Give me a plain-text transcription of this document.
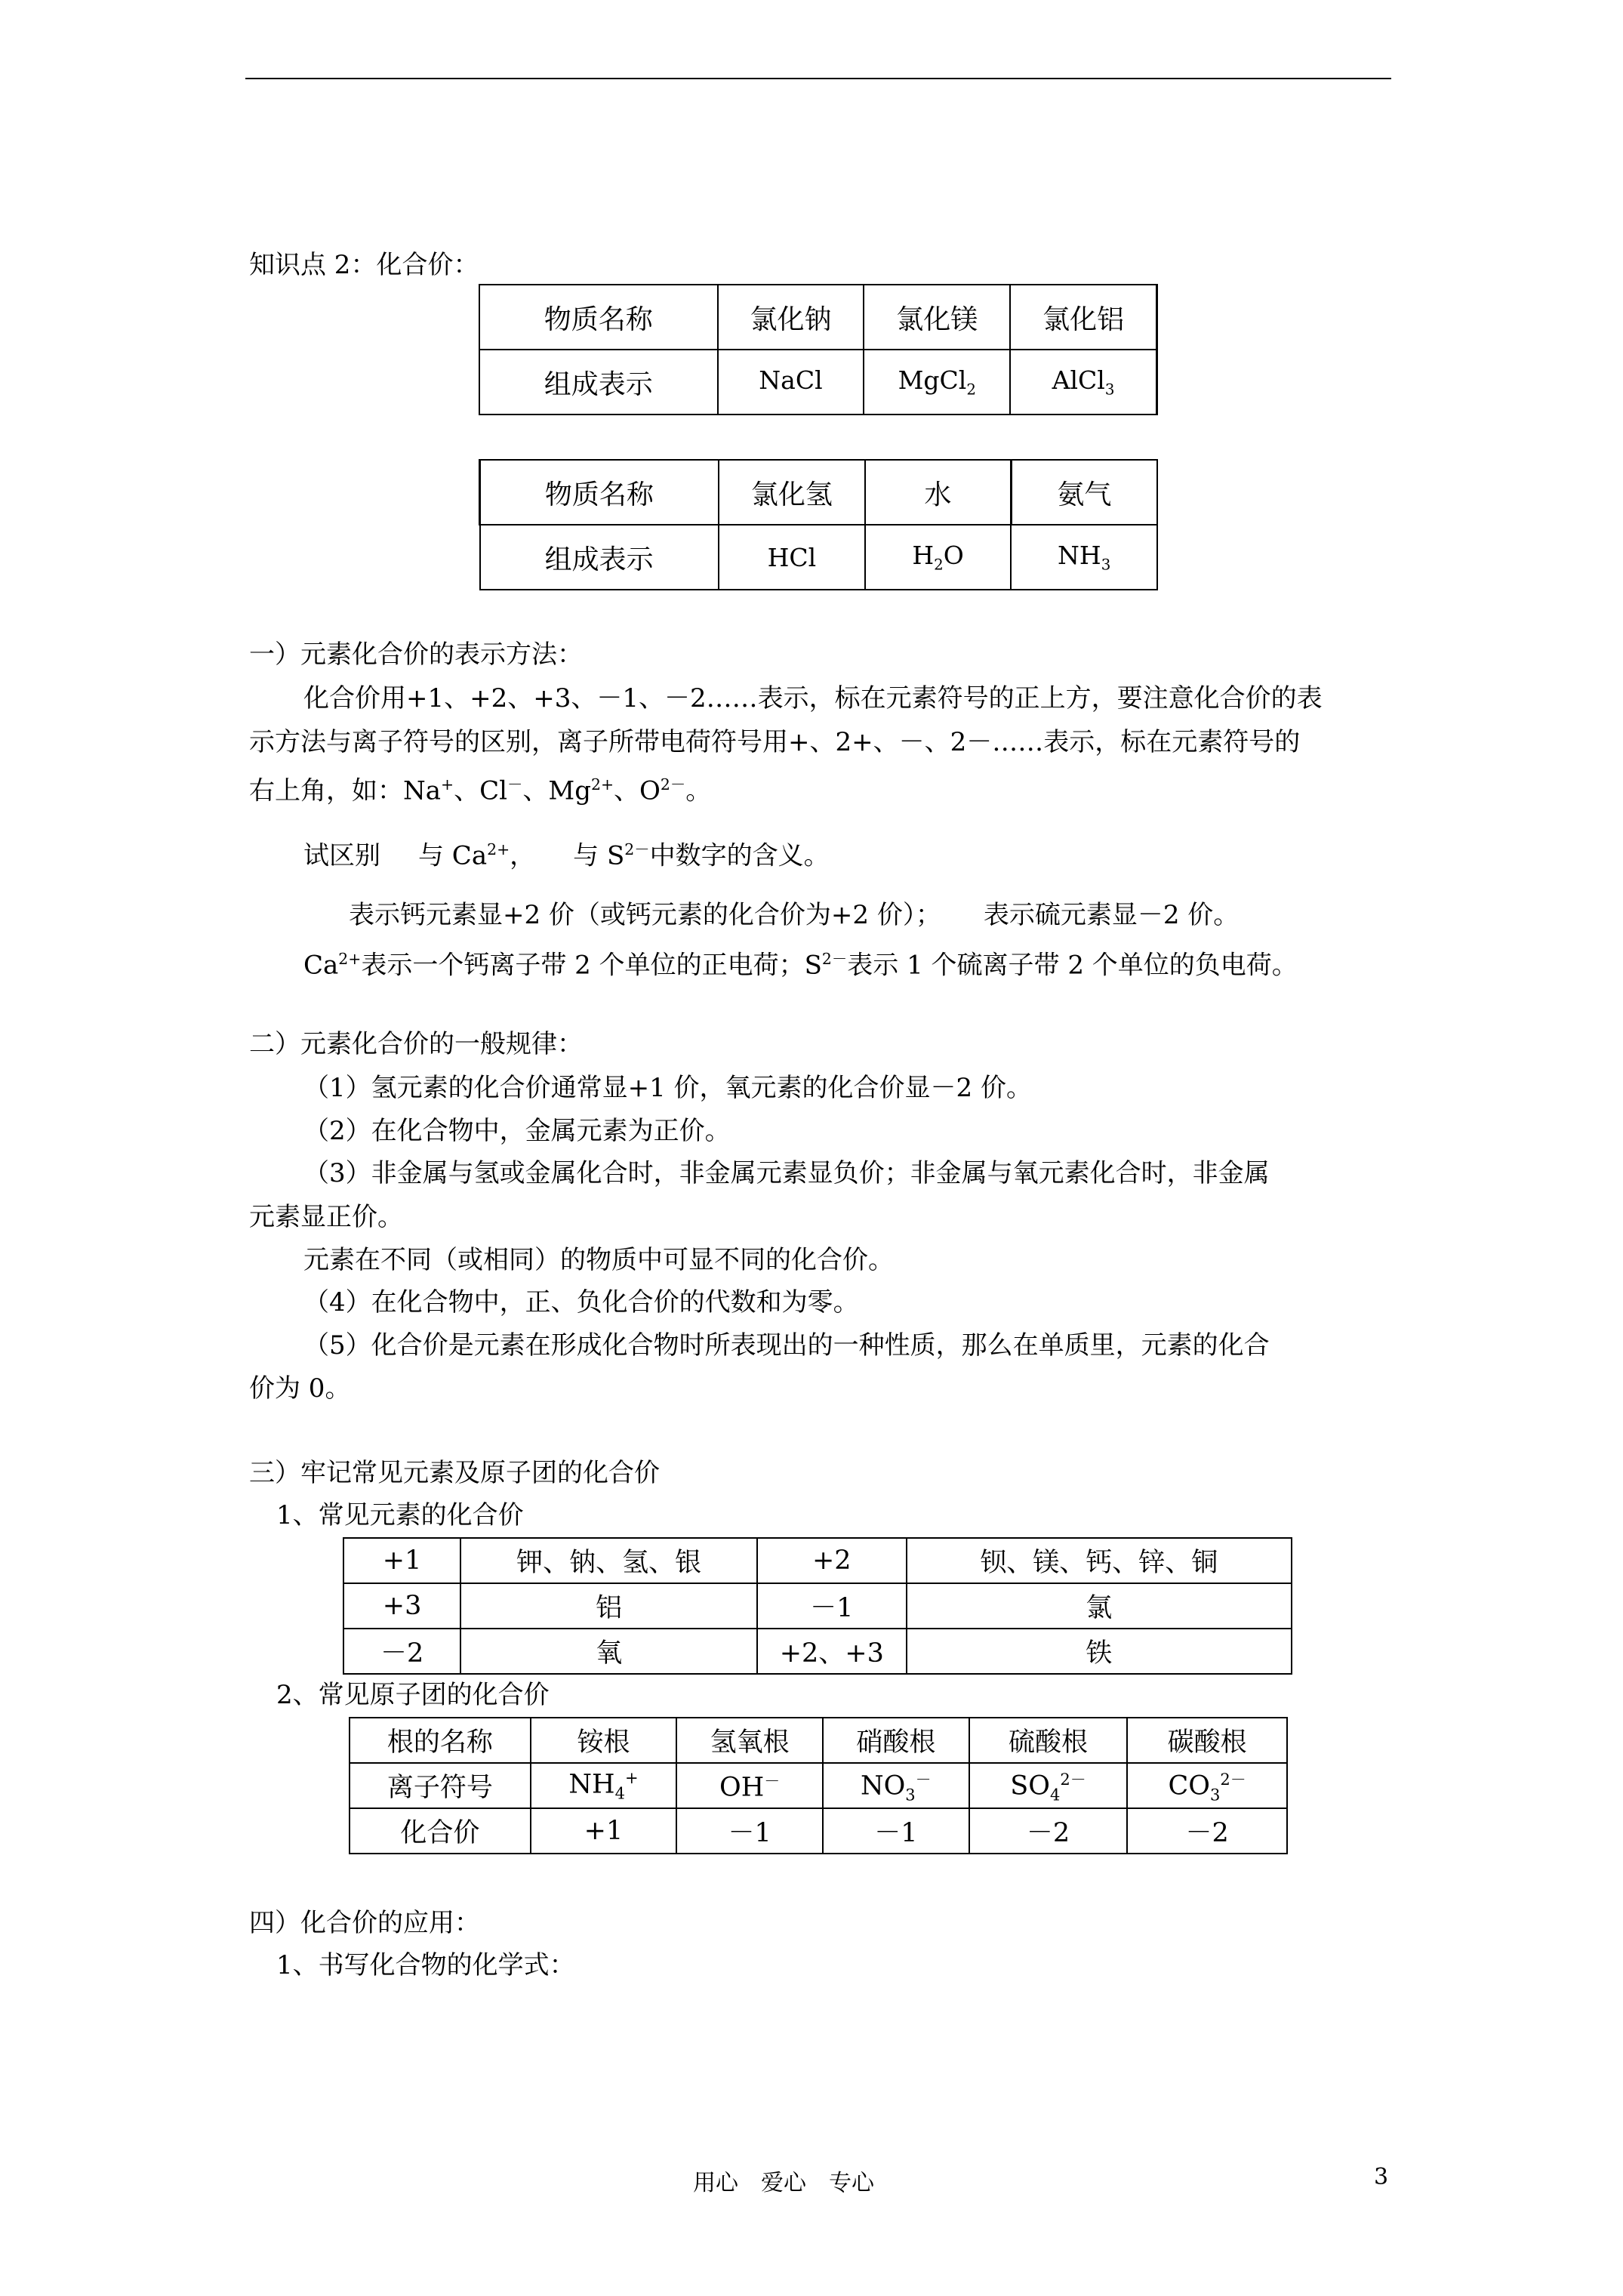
知识点 2：化合价：
物质名称	氯化钠	氯化镁	氯化铝
组成表示	NaCl	MgCl$_2$	AlCl$_3$
物质名称	氯化氢	水	氨气
组成表示	HCl	$H_2O$	$NH_3$
一）元素化合价的表示方法：
化合价用+1、+2、+3、－1、－2……表示，标在元素符号的正上方，要注意化合价的表
示方法与离子符号的区别，离子所带电荷符号用+、2+、－、2－……表示，标在元素符号的
右上角，如：Na+、Cl－、$Mg^{2+}$、$O^{2-}$。
试区别 与 $Ca^{2+}$， 与 $S^{2-}$中数字的含义。
表示钙元素显+2 价（或钙元素的化合价为+2 价）； 表示硫元素显－2 价。
$Ca^{2+}$表示一个钙离子带 2 个单位的正电荷；$S^{2-}$表示 1 个硫离子带 2 个单位的负电荷。
二）元素化合价的一般规律：
（1）氢元素的化合价通常显+1 价，氧元素的化合价显－2 价。
（2）在化合物中，金属元素为正价。
（3）非金属与氢或金属化合时，非金属元素显负价；非金属与氧元素化合时，非金属
元素显正价。
元素在不同（或相同）的物质中可显不同的化合价。
（4）在化合物中，正、负化合价的代数和为零。
（5）化合价是元素在形成化合物时所表现出的一种性质，那么在单质里，元素的化合
价为 0。
三）牢记常见元素及原子团的化合价
1、常见元素的化合价
+1	钾、钠、氢、银	+2	钡、镁、钙、锌、铜
+3	铝	－1	氯
－2	氧	+2、+3	铁
2、常见原子团的化合价
根的名称	铵根	氢氧根	硝酸根	硫酸根	碳酸根
离子符号	$NH_4^+$	OH－	$NO_3^-$	$SO_4^{2-}$	$CO_3^{2-}$
化合价	+1	－1	－1	－2	－2
四）化合价的应用：
1、书写化合物的化学式：
用心　爱心　专心	3
